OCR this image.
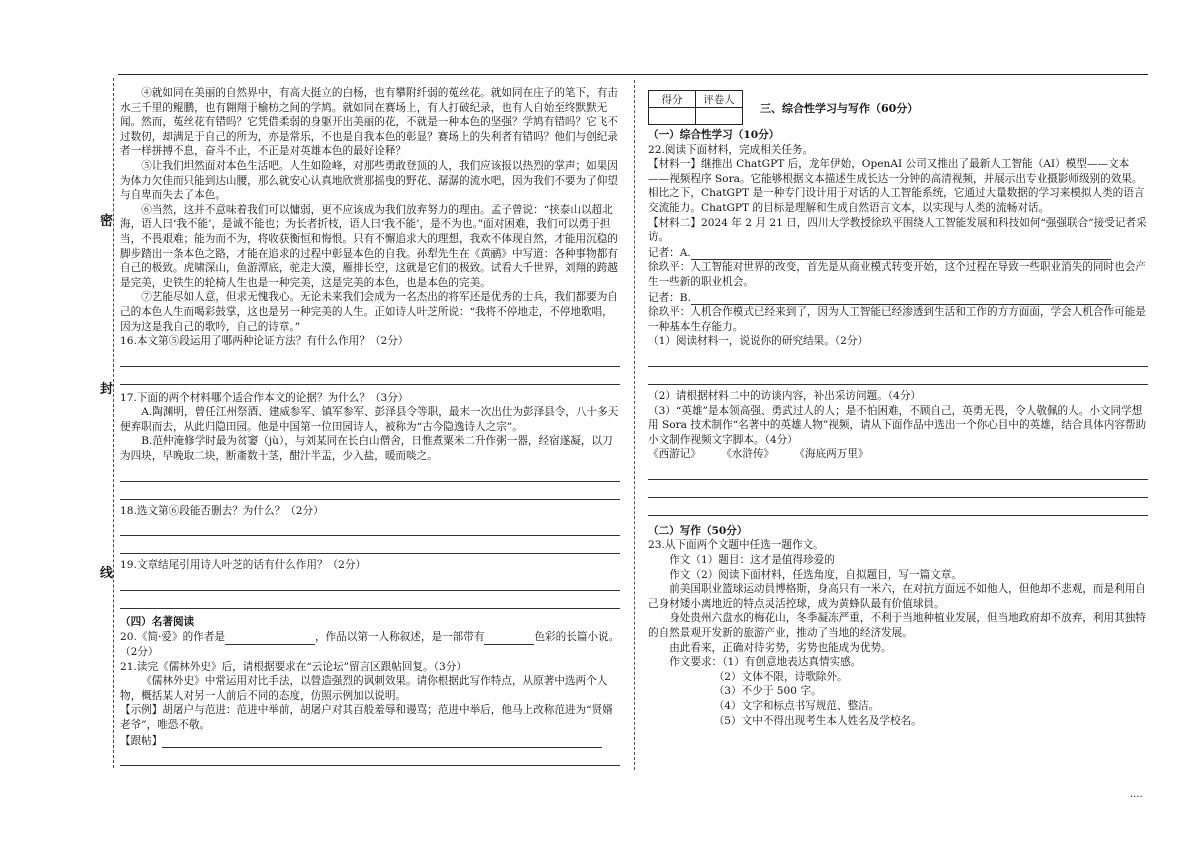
密
封
线

④就如同在美丽的自然界中，有高大挺立的白杨，也有攀附纤弱的菟丝花。就如同在庄子的笔下，有击水三千里的鲲鹏，也有翱翔于榆枋之间的学鸠。就如同在赛场上，有人打破纪录，也有人自始至终默默无闻。然而，菟丝花有错吗？它凭借柔弱的身躯开出美丽的花，不就是一种本色的坚强？学鸠有错吗？它飞不过数仞，却满足于自己的所为，亦是常乐，不也是自我本色的彰显？赛场上的失利者有错吗？他们与创纪录者一样拼搏不息，奋斗不止，不正是对英雄本色的最好诠释？

⑤让我们坦然面对本色生活吧。人生如险峰，对那些勇敢登顶的人，我们应该报以热烈的掌声；如果因为体力欠佳而只能到达山腰，那么就安心认真地欣赏那摇曳的野花、潺潺的流水吧，因为我们不要为了仰望与自卑而失去了本色。

⑥当然，这并不意味着我们可以慵弱，更不应该成为我们放弃努力的理由。孟子曾说：“挟泰山以超北海，语人曰‘我不能’，是诚不能也；为长者折枝，语人曰‘我不能’，是不为也。”面对困难，我们可以勇于担当，不畏艰难；能为而不为，将收获衡恒和悔恨。只有不懈追求大的理想，我欢不体现自然，才能用沉稳的脚步踏出一条本色之路，才能在追求的过程中彰显本色的自我。孙犁先生在《黄鹂》中写道：各种事物都有自己的极致。虎啸深山，鱼游潭底，驼走大漠，雁排长空，这就是它们的极致。试看大千世界，刘翔的跨越是完美，史铁生的轮椅人生也是一种完美，这是完美的本色，也是本色的完美。

⑦艺能尽如人意，但求无愧我心。无论未来我们会成为一名杰出的将军还是优秀的士兵，我们都要为自己的本色人生而喝彩鼓掌，这也是另一种完美的人生。正如诗人叶芝所说：“我将不停地走，不停地歌唱，因为这是我自己的歌吟，自己的诗章。”

16.本文第⑤段运用了哪两种论证方法？有什么作用？（2分）

17.下面的两个材料哪个适合作本文的论据？为什么？（3分）

A.陶渊明，曾任江州祭酒、建威参军、镇军参军、彭泽县令等职，最末一次出仕为彭泽县令，八十多天便弃职而去，从此归隐田园。他是中国第一位田园诗人，被称为“古今隐逸诗人之宗”。

B.范仲淹修学时最为贫窭（jù），与刘某同在长白山僧舍，日惟煮粟米二升作粥一器，经宿遂凝，以刀为四块，早晚取二块，断齑数十茎，酣汁半盂，少入盐，暖而啖之。

18.选文第⑥段能否删去？为什么？（2分）

19.文章结尾引用诗人叶芝的话有什么作用？（2分）

（四）名著阅读

20.《简·爱》的作者是	，作品以第一人称叙述，是一部带有	色彩的长篇小说。（2分）

21.读完《儒林外史》后，请根据要求在“云论坛”留言区跟帖回复。（3分）

《儒林外史》中常运用对比手法，以營造强烈的讽刺效果。请你根据此写作特点，从原著中选两个人物，概括某人对另一人前后不同的态度，仿照示例加以说明。

【示例】胡屠户与范进：范进中举前，胡屠户对其百般羞辱和谩骂；范进中举后，他马上改称范进为“贤婿老爷”，唯恐不敬。

【跟帖】

得分	评卷人

三、综合性学习与写作（60分）

（一）综合性学习（10分）

22.阅读下面材料，完成相关任务。

【材料一】继推出 ChatGPT 后，龙年伊始，OpenAI 公司又推出了最新人工智能（AI）模型——文本——视频程序 Sora。它能够根据文本描述生成长达一分钟的高清视频，并展示出专业摄影师级别的效果。相比之下，ChatGPT 是一种专门设计用于对话的人工智能系统，它通过大量数据的学习来模拟人类的语言交流能力。ChatGPT 的目标是理解和生成自然语言文本，以实现与人类的流畅对话。

【材料二】2024 年 2 月 21 日，四川大学教授徐玖平围绕人工智能发展和科技如何“强强联合”接受记者采访。

记者：A.

徐玖平：人工智能对世界的改变，首先是从商业模式转变开始，这个过程在导致一些职业消失的同时也会产生一些新的职业机会。

记者：B.

徐玖平：人机合作模式已经来到了，因为人工智能已经渗透到生活和工作的方方面面，学会人机合作可能是一种基本生存能力。

（1）阅读材料一，说说你的研究结果。（2分）

（2）请根据材料二中的访谈内容，补出采访问题。（4分）

（3）“英雄”是本领高强、勇武过人的人；是不怕困难，不顾自己，英勇无畏，令人敬佩的人。小文同学想用 Sora 技术制作“名著中的英雄人物”视频，请从下面作品中选出一个你心目中的英雄，结合具体内容帮助小文制作视频文字脚本。（4分）

《西游记》 《水浒传》 《海底两万里》

（二）写作（50分）

23.从下面两个文题中任选一题作文。

作文（1）题目：这才是值得珍爱的

作文（2）阅读下面材料，任选角度，自拟题目，写一篇文章。

前美国职业篮球运动員博格斯，身高只有一米六，在对抗方面远不如他人，但他却不悲观，而是利用自己身材矮小离地近的特点灵活控球，成为黄蜂队最有价值球員。

身处贵州六盘水的梅花山，冬季凝冻严重，不利于当地种植业发展，但当地政府却不放弃，利用其独特的自然景观开发新的旅游产业，推动了当地的经济发展。

由此看来，正确对待劣势，劣势也能成为优势。

作文要求：（1）有创意地表达真情实感。

（2）文体不限，诗歌除外。

（3）不少于 500 字。

（4）文字和标点书写规范、整洁。

（5）文中不得出现考生本人姓名及学校名。

····
